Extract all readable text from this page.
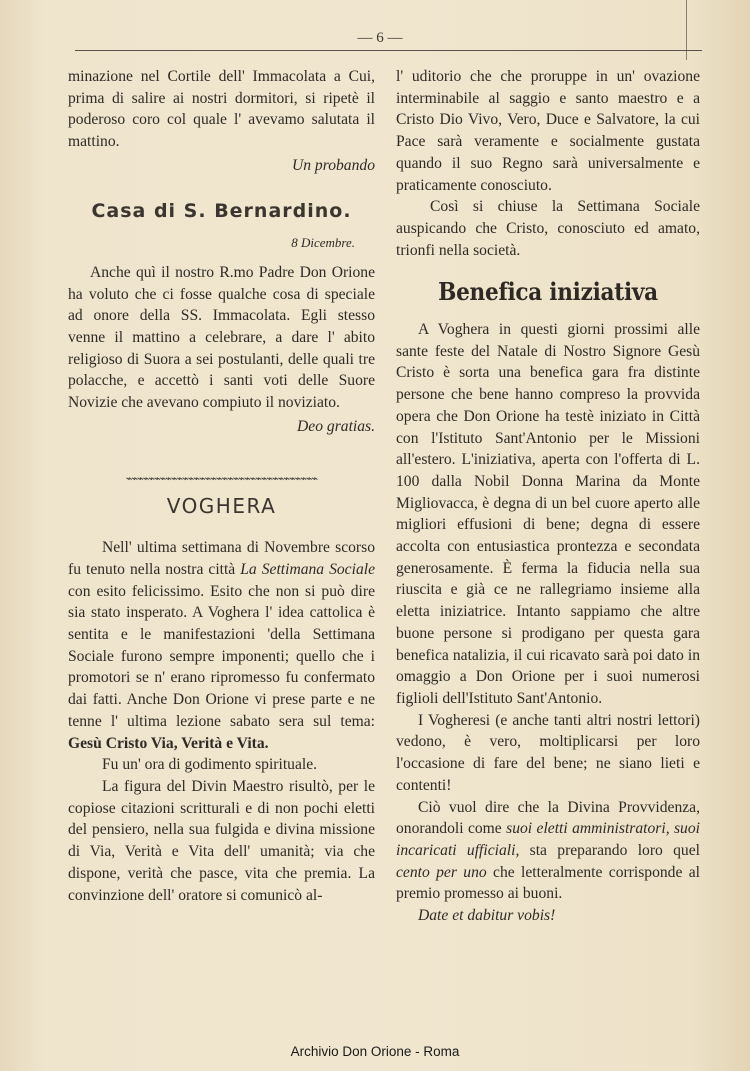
— 6 —

minazione nel Cortile dell' Immacolata a Cui, prima di salire ai nostri dormitori, si ripetè il poderoso coro col quale l' avevamo salutata il mattino.

Un probando

Casa di S. Bernardino.

8 Dicembre.

Anche quì il nostro R.mo Padre Don Orione ha voluto che ci fosse qualche cosa di speciale ad onore della SS. Immacolata. Egli stesso venne il mattino a celebrare, a dare l' abito religioso di Suora a sei postulanti, delle quali tre polacche, e accettò i santi voti delle Suore Novizie che avevano compiuto il noviziato.

Deo gratias.

⌁⌁⌁⌁⌁⌁⌁⌁⌁⌁⌁⌁⌁⌁⌁⌁⌁⌁⌁⌁⌁⌁⌁⌁⌁⌁⌁⌁⌁⌁⌁⌁⌁⌁
VOGHERA

Nell' ultima settimana di Novembre scorso fu tenuto nella nostra città La Settimana Sociale con esito felicissimo. Esito che non si può dire sia stato insperato. A Voghera l' idea cattolica è sentita e le manifestazioni 'della Settimana Sociale furono sempre imponenti; quello che i promotori se n' erano ripromesso fu confermato dai fatti. Anche Don Orione vi prese parte e ne tenne l' ultima lezione sabato sera sul tema: Gesù Cristo Via, Verità e Vita.

Fu un' ora di godimento spirituale.

La figura del Divin Maestro risultò, per le copiose citazioni scritturali e di non pochi eletti del pensiero, nella sua fulgida e divina missione di Via, Verità e Vita dell' umanità; via che dispone, verità che pasce, vita che premia. La convinzione dell' oratore si comunicò al-

l' uditorio che che proruppe in un' ovazione interminabile al saggio e santo maestro e a Cristo Dio Vivo, Vero, Duce e Salvatore, la cui Pace sarà veramente e socialmente gustata quando il suo Regno sarà universalmente e praticamente conosciuto.

Così si chiuse la Settimana Sociale auspicando che Cristo, conosciuto ed amato, trionfi nella società.

Benefica iniziativa

A Voghera in questi giorni prossimi alle sante feste del Natale di Nostro Signore Gesù Cristo è sorta una benefica gara fra distinte persone che bene hanno compreso la provvida opera che Don Orione ha testè iniziato in Città con l'Istituto Sant'Antonio per le Missioni all'estero. L'iniziativa, aperta con l'offerta di L. 100 dalla Nobil Donna Marina da Monte Migliovacca, è degna di un bel cuore aperto alle migliori effusioni di bene; degna di essere accolta con entusiastica prontezza e secondata generosamente. È ferma la fiducia nella sua riuscita e già ce ne rallegriamo insieme alla eletta iniziatrice. Intanto sappiamo che altre buone persone si prodigano per questa gara benefica natalizia, il cui ricavato sarà poi dato in omaggio a Don Orione per i suoi numerosi figlioli dell'Istituto Sant'Antonio.

I Vogheresi (e anche tanti altri nostri lettori) vedono, è vero, moltiplicarsi per loro l'occasione di fare del bene; ne siano lieti e contenti!

Ciò vuol dire che la Divina Provvidenza, onorandoli come suoi eletti amministratori, suoi incaricati ufficiali, sta preparando loro quel cento per uno che letteralmente corrisponde al premio promesso ai buoni.

Date et dabitur vobis!

Archivio Don Orione - Roma
